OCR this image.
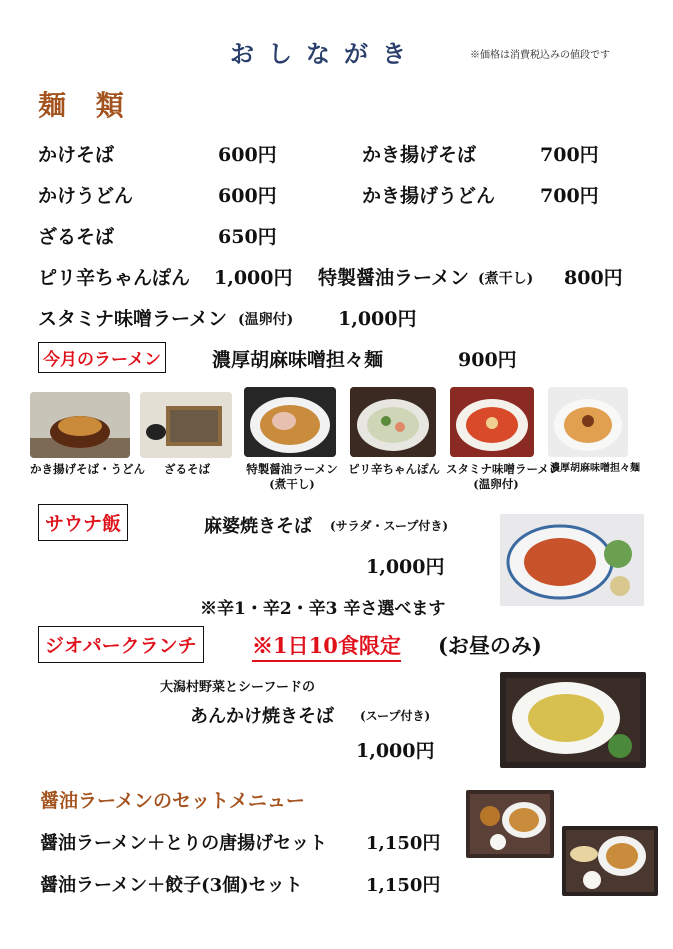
おしながき	※価格は消費税込みの値段です
麺 類
かけそば	600円	かき揚げそば	700円
かけうどん	600円	かき揚げうどん 700円
ざるそば	650円
ピリ辛ちゃんぽん 1,000円 特製醤油ラーメン (煮干し) 800円
スタミナ味噌ラーメン (温卵付) 1,000円
今月のラーメン	濃厚胡麻味噌担々麺	900円
かき揚げそば・うどん	ざるそば	特製醤油ラーメン
(煮干し)
ピリ辛ちゃんぽん スタミナ味噌ラーメン
(温卵付)
濃厚胡麻味噌担々麺
サウナ飯	麻婆焼きそば (サラダ・スープ付き)
1,000円
※辛1・辛2・辛3 辛さ選べます
ジオパークランチ	※1日10食限定 (お昼のみ)
大潟村野菜とシーフードの
あんかけ焼きそば (スープ付き)
1,000円
醤油ラーメンのセットメニュー
醤油ラーメン＋とりの唐揚げセット 1,150円
醤油ラーメン＋餃子(3個)セット	1,150円
